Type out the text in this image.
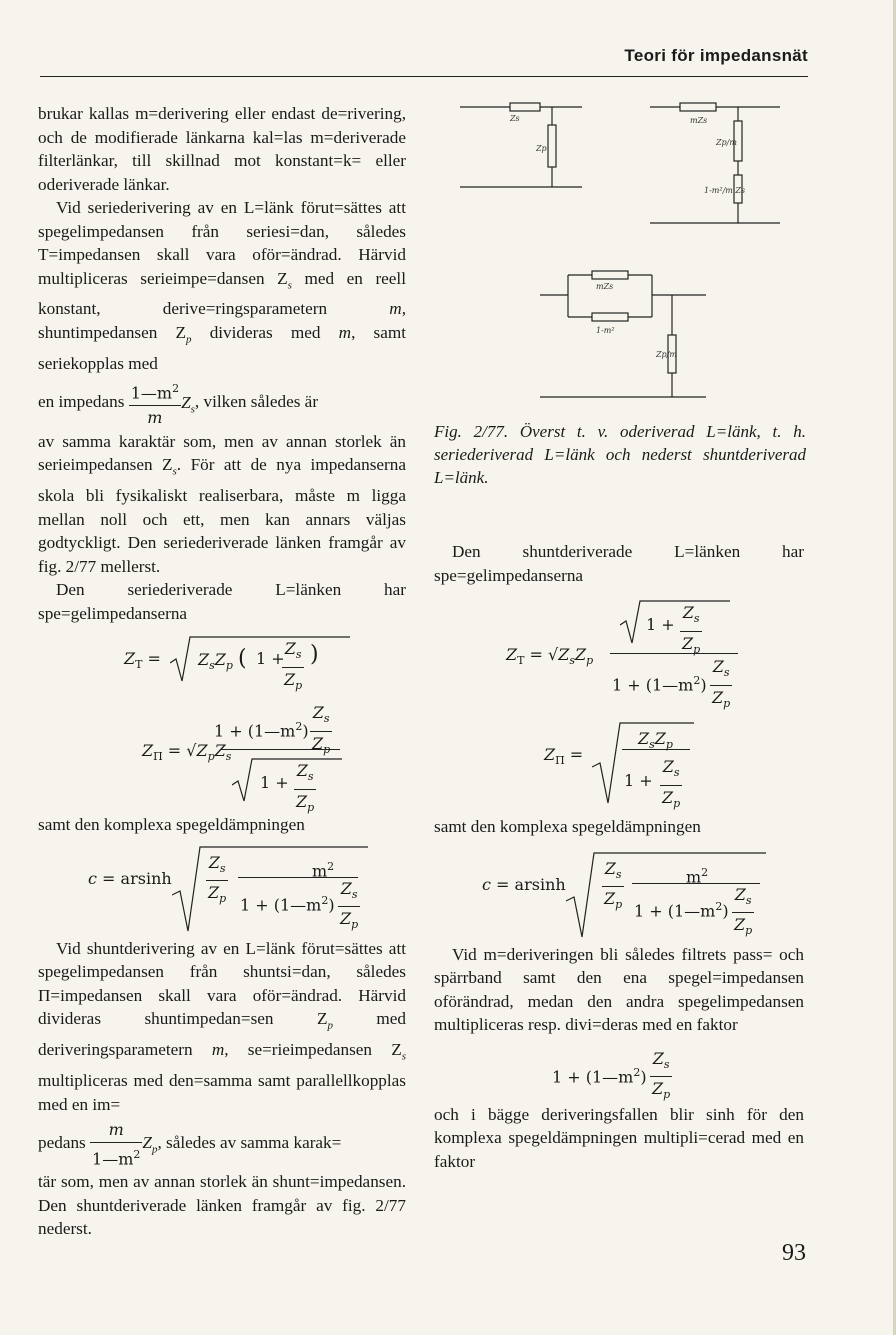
Teori för impedansnät
Zs
Zp
mZs
Zp/m
1-m²/m Zs
mZs
1-m²
Zp/m
Fig. 2/77. Överst t. v. oderiverad L=länk, t. h. seriederiverad L=länk och nederst shuntderiverad L=länk.

brukar kallas m=derivering eller endast de=rivering, och de modifierade länkarna kal=las m=deriverade filterlänkar, till skillnad mot konstant=k= eller oderiverade länkar.

Vid seriederivering av en L=länk förut=sättes att spegelimpedansen från seriesi=dan, således T=impedansen skall vara oför=ändrad. Härvid multipliceras serieimpe=dansen $Z_s$ med en reell konstant, derive=ringsparametern m, shuntimpedansen $Z_p$ divideras med m, samt seriekopplas med

en impedans $\frac{1—m^2}{m} Z_s$, vilken således är

av samma karaktär som, men av annan storlek än serieimpedansen $Z_s$. För att de nya impedanserna skola bli fysikaliskt realiserbara, måste m ligga mellan noll och ett, men kan annars väljas godtyckligt. Den seriederiverade länken framgår av fig. 2/77 mellerst.

Den seriederiverade L=länken har spe=gelimpedanserna

$Z_T = Z_sZ_p$ ( 1 +
$\frac{Z_s}{Z_p}$ )
$1 + (1—m^2) \frac{Z_s}{Z_p}$
$Z_\Pi = √Z_pZ_s$
$1 + \frac{Z_s}{Z_p}$

samt den komplexa spegeldämpningen

c = arsinh $\frac{Z_s}{Z_p}$	$m^2$
$1 + (1—m^2) \frac{Z_s}{Z_p}$

Vid shuntderivering av en L=länk förut=sättes att spegelimpedansen från shuntsi=dan, således Π=impedansen skall vara oför=ändrad. Härvid divideras shuntimpedan=sen $Z_p$ med deriveringsparametern m, se=rieimpedansen $Z_s$ multipliceras med den=samma samt parallellkopplas med en im=

pedans $\frac{m}{1—m^2} Z_p$, således av samma karak=

tär som, men av annan storlek än shunt=impedansen. Den shuntderiverade länken framgår av fig. 2/77 nederst.

Den shuntderiverade L=länken har spe=gelimpedanserna

$1 + \frac{Z_s}{Z_p}$
$Z_T = √Z_sZ_p$
$1 + (1—m^2) \frac{Z_s}{Z_p}$
$Z_\Pi$ =
$Z_sZ_p$
$1 + \frac{Z_s}{Z_p}$

samt den komplexa spegeldämpningen

c = arsinh $\frac{Z_s}{Z_p}$	$m^2$
$1 + (1—m^2) \frac{Z_s}{Z_p}$

Vid m=deriveringen bli således filtrets pass= och spärrband samt den ena spegel=impedansen oförändrad, medan den andra spegelimpedansen multipliceras resp. divi=deras med en faktor

$1 + (1—m^2) \frac{Z_s}{Z_p}$

och i bägge deriveringsfallen blir sinh för den komplexa spegeldämpningen multipli=cerad med en faktor

93
